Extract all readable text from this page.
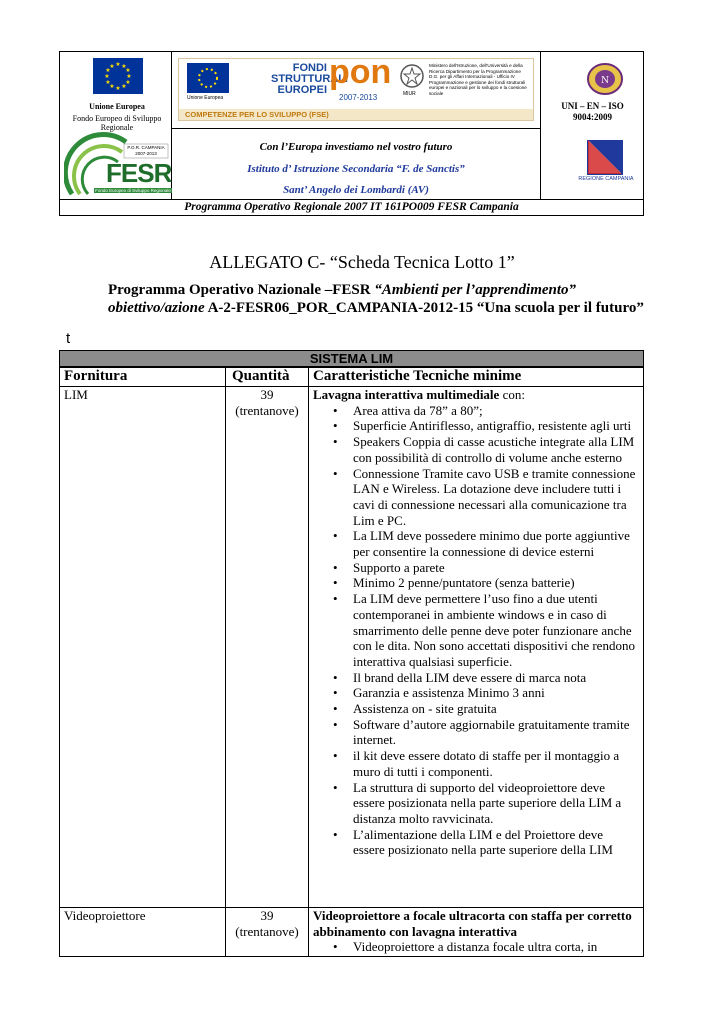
★ ★
★
★
★
★
★
★
★
★
★
★
Unione Europea
Fondo Europeo di Sviluppo Regionale
Unione Europea
FONDI
STRUTTURALI
EUROPEI pon
2007-2013	MIUR
Ministero dell'Istruzione, dell'Università e della Ricerca Dipartimento per la Programmazione D.G. per gli Affari Internazionali - Ufficio IV Programmazione e gestione dei fondi strutturali europei e nazionali per lo sviluppo e la coesione sociale
COMPETENZE PER LO SVILUPPO (FSE)
N
UNI – EN – ISO
9004:2009
P.O.R. CAMPANIA 2007-2013
FESR
Fondo Europeo di Sviluppo Regionale
Con l’Europa investiamo nel vostro futuro
Istituto d’ Istruzione Secondaria “F. de Sanctis”
Sant’ Angelo dei Lombardi (AV)
REGIONE CAMPANIA
Programma Operativo Regionale 2007 IT 161PO009 FESR Campania
ALLEGATO C- “Scheda Tecnica Lotto 1”
Programma Operativo Nazionale –FESR “Ambienti per l’apprendimento”
obiettivo/azione A-2-FESR06_POR_CAMPANIA-2012-15 “Una scuola per il futuro”
t
SISTEMA LIM
Fornitura	Quantità	Caratteristiche Tecniche minime
LIM	39
(trentanove)
Lavagna interattiva multimediale con:
• Area attiva da 78” a 80”;
• Superficie Antiriflesso, antigraffio, resistente agli urti
• Speakers Coppia di casse acustiche integrate alla LIM con possibilità di controllo di volume anche esterno
• Connessione Tramite cavo USB e tramite connessione LAN e Wireless. La dotazione deve includere tutti i cavi di connessione necessari alla comunicazione tra Lim e PC.
• La LIM deve possedere minimo due porte aggiuntive per consentire la connessione di device esterni
• Supporto a parete
• Minimo 2 penne/puntatore (senza batterie)
• La LIM deve permettere l’uso fino a due utenti contemporanei in ambiente windows e in caso di smarrimento delle penne deve poter funzionare anche con le dita. Non sono accettati dispositivi che rendono interattiva qualsiasi superficie.
• Il brand della LIM deve essere di marca nota
• Garanzia e assistenza Minimo 3 anni
• Assistenza on - site gratuita
• Software d’autore aggiornabile gratuitamente tramite internet.
• il kit deve essere dotato di staffe per il montaggio a muro di tutti i componenti.
• La struttura di supporto del videoproiettore deve essere posizionata nella parte superiore della LIM a distanza molto ravvicinata.
• L’alimentazione della LIM e del Proiettore deve essere posizionato nella parte superiore della LIM
Videoproiettore	39
(trentanove)
Videoproiettore a focale ultracorta con staffa per corretto abbinamento con lavagna interattiva
• Videoproiettore a distanza focale ultra corta, in
